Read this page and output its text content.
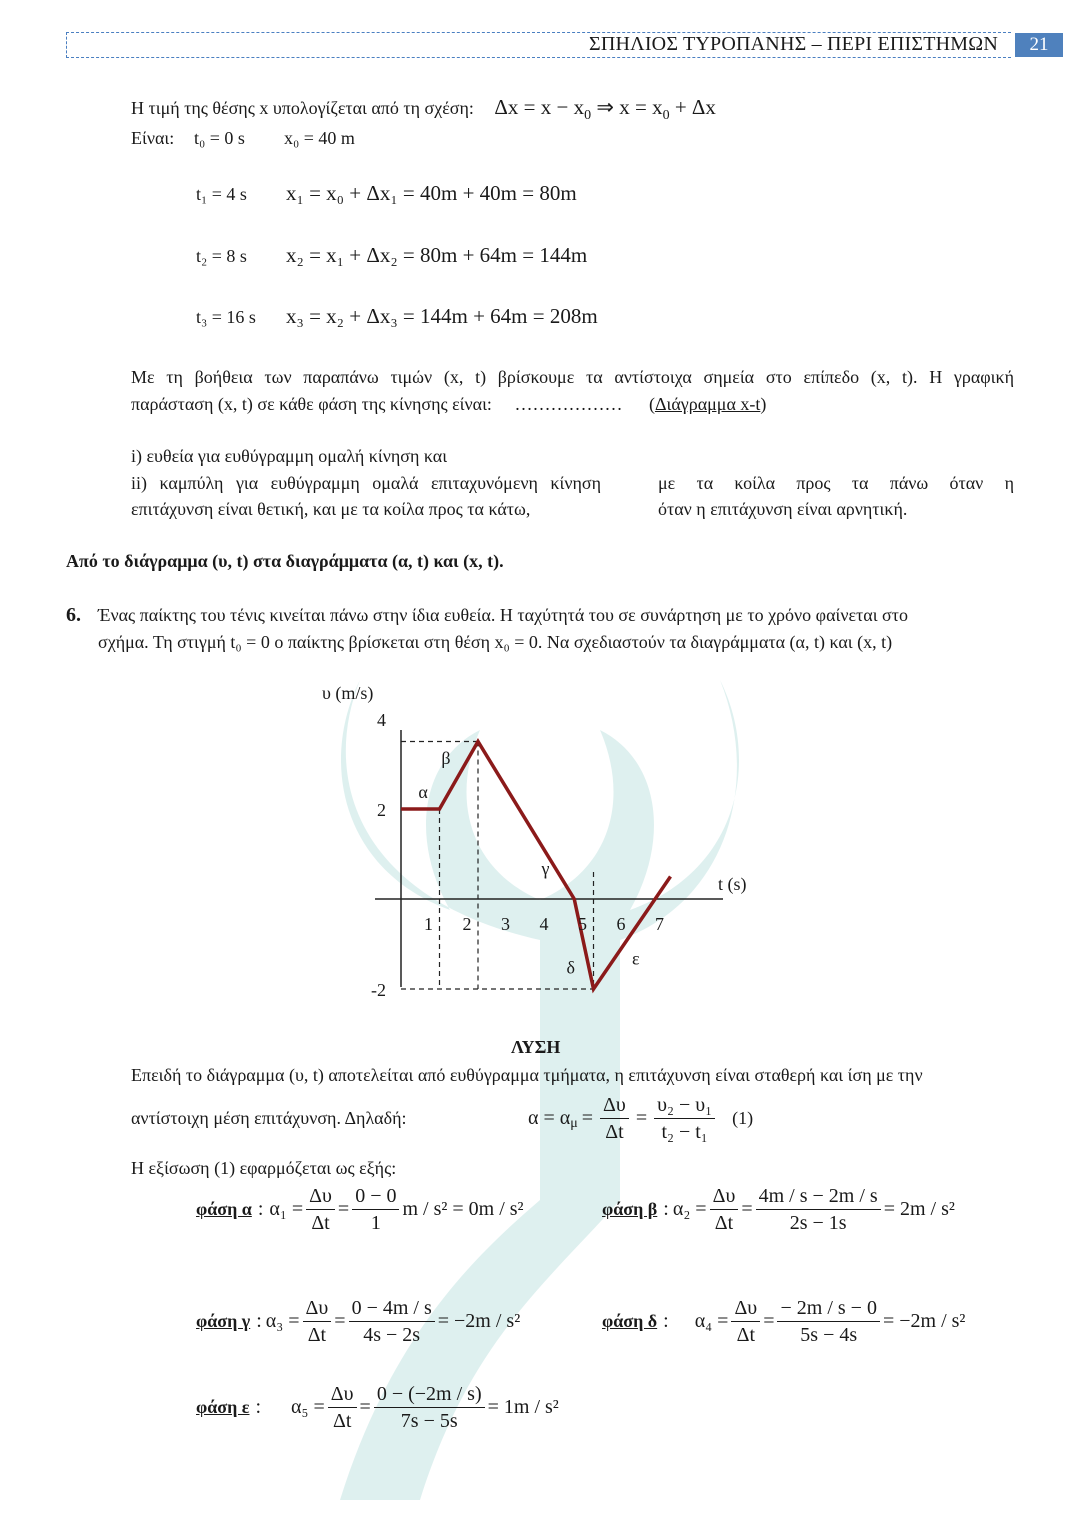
ΣΠΗΛΙΟΣ ΤΥΡΟΠΑΝΗΣ – ΠΕΡΙ ΕΠΙΣΤΗΜΩΝ	21
Η τιμή της θέσης x υπολογίζεται από τη σχέση: $\Delta x = x - x_0$ ⇒ $x = x_0 + \Delta x$
Είναι: t₀ = 0 s x₀ = 40 m
t₁ = 4 s x₁ = x₀ + Δx₁ = 40m + 40m = 80m
t₂ = 8 s x₂ = x₁ + Δx₂ = 80m + 64m = 144m
t₃ = 16 s x₃ = x₂ + Δx₃ = 144m + 64m = 208m
Με τη βοήθεια των παραπάνω τιμών (x, t) βρίσκουμε τα αντίστοιχα σημεία στο επίπεδο (x, t). Η γραφική
παράσταση (x, t) σε κάθε φάση της κίνησης είναι: ……………… (Διάγραμμα x-t)
i) ευθεία για ευθύγραμμη ομαλή κίνηση και
ii) καμπύλη για ευθύγραμμη ομαλά επιταχυνόμενη κίνηση	με τα κοίλα προς τα πάνω όταν η
επιτάχυνση είναι θετική, και με τα κοίλα προς τα κάτω,	όταν η επιτάχυνση είναι αρνητική.
Από το διάγραμμα (υ, t) στα διαγράμματα (α, t) και (x, t).
6. Ένας παίκτης του τένις κινείται πάνω στην ίδια ευθεία. Η ταχύτητά του σε συνάρτηση με το χρόνο φαίνεται στο
σχήμα. Τη στιγμή t₀ = 0 ο παίκτης βρίσκεται στη θέση x₀ = 0. Να σχεδιαστούν τα διαγράμματα (α, t) και (x, t)
υ (m/s)
t (s)
4
2
-2
1 2 3 4 5 6 7
α
β
γ
δ	ε
ΛΥΣΗ
Επειδή το διάγραμμα (υ, t) αποτελείται από ευθύγραμμα τμήματα, η επιτάχυνση είναι σταθερή και ίση με την
αντίστοιχη μέση επιτάχυνση. Δηλαδή:	α = α $\mu = \frac{\Delta\upsilon}{\Delta t} = \frac{\text{υ₂ − υ₁}}{\text{t₂ − t₁}} (1)$
Η εξίσωση (1) εφαρμόζεται ως εξής:
φάση α : $\alpha_1 = \frac{\Delta\upsilon}{\Delta t} = \frac{0 - 0}{1}$ m / s² = 0m / s²	φάση β : $\alpha_2 = \frac{\Delta\upsilon}{\Delta t} = \frac{4m / s - 2m / s}{2s - 1s} = 2m / s^2$
φάση γ : $\alpha_3 = \frac{\Delta\upsilon}{\Delta t} = \frac{0 - 4m / s}{4s - 2s} = -2m / s^2$	φάση δ : $\alpha_4 = \frac{\Delta\upsilon}{\Delta t} = \frac{- 2m / s - 0}{5s - 4s} = -2m / s^2$
φάση ε : $\alpha_5 = \frac{\Delta\upsilon}{\Delta t} = \frac{0 - (-2m / s)}{7s - 5s} = 1m / s^2$
